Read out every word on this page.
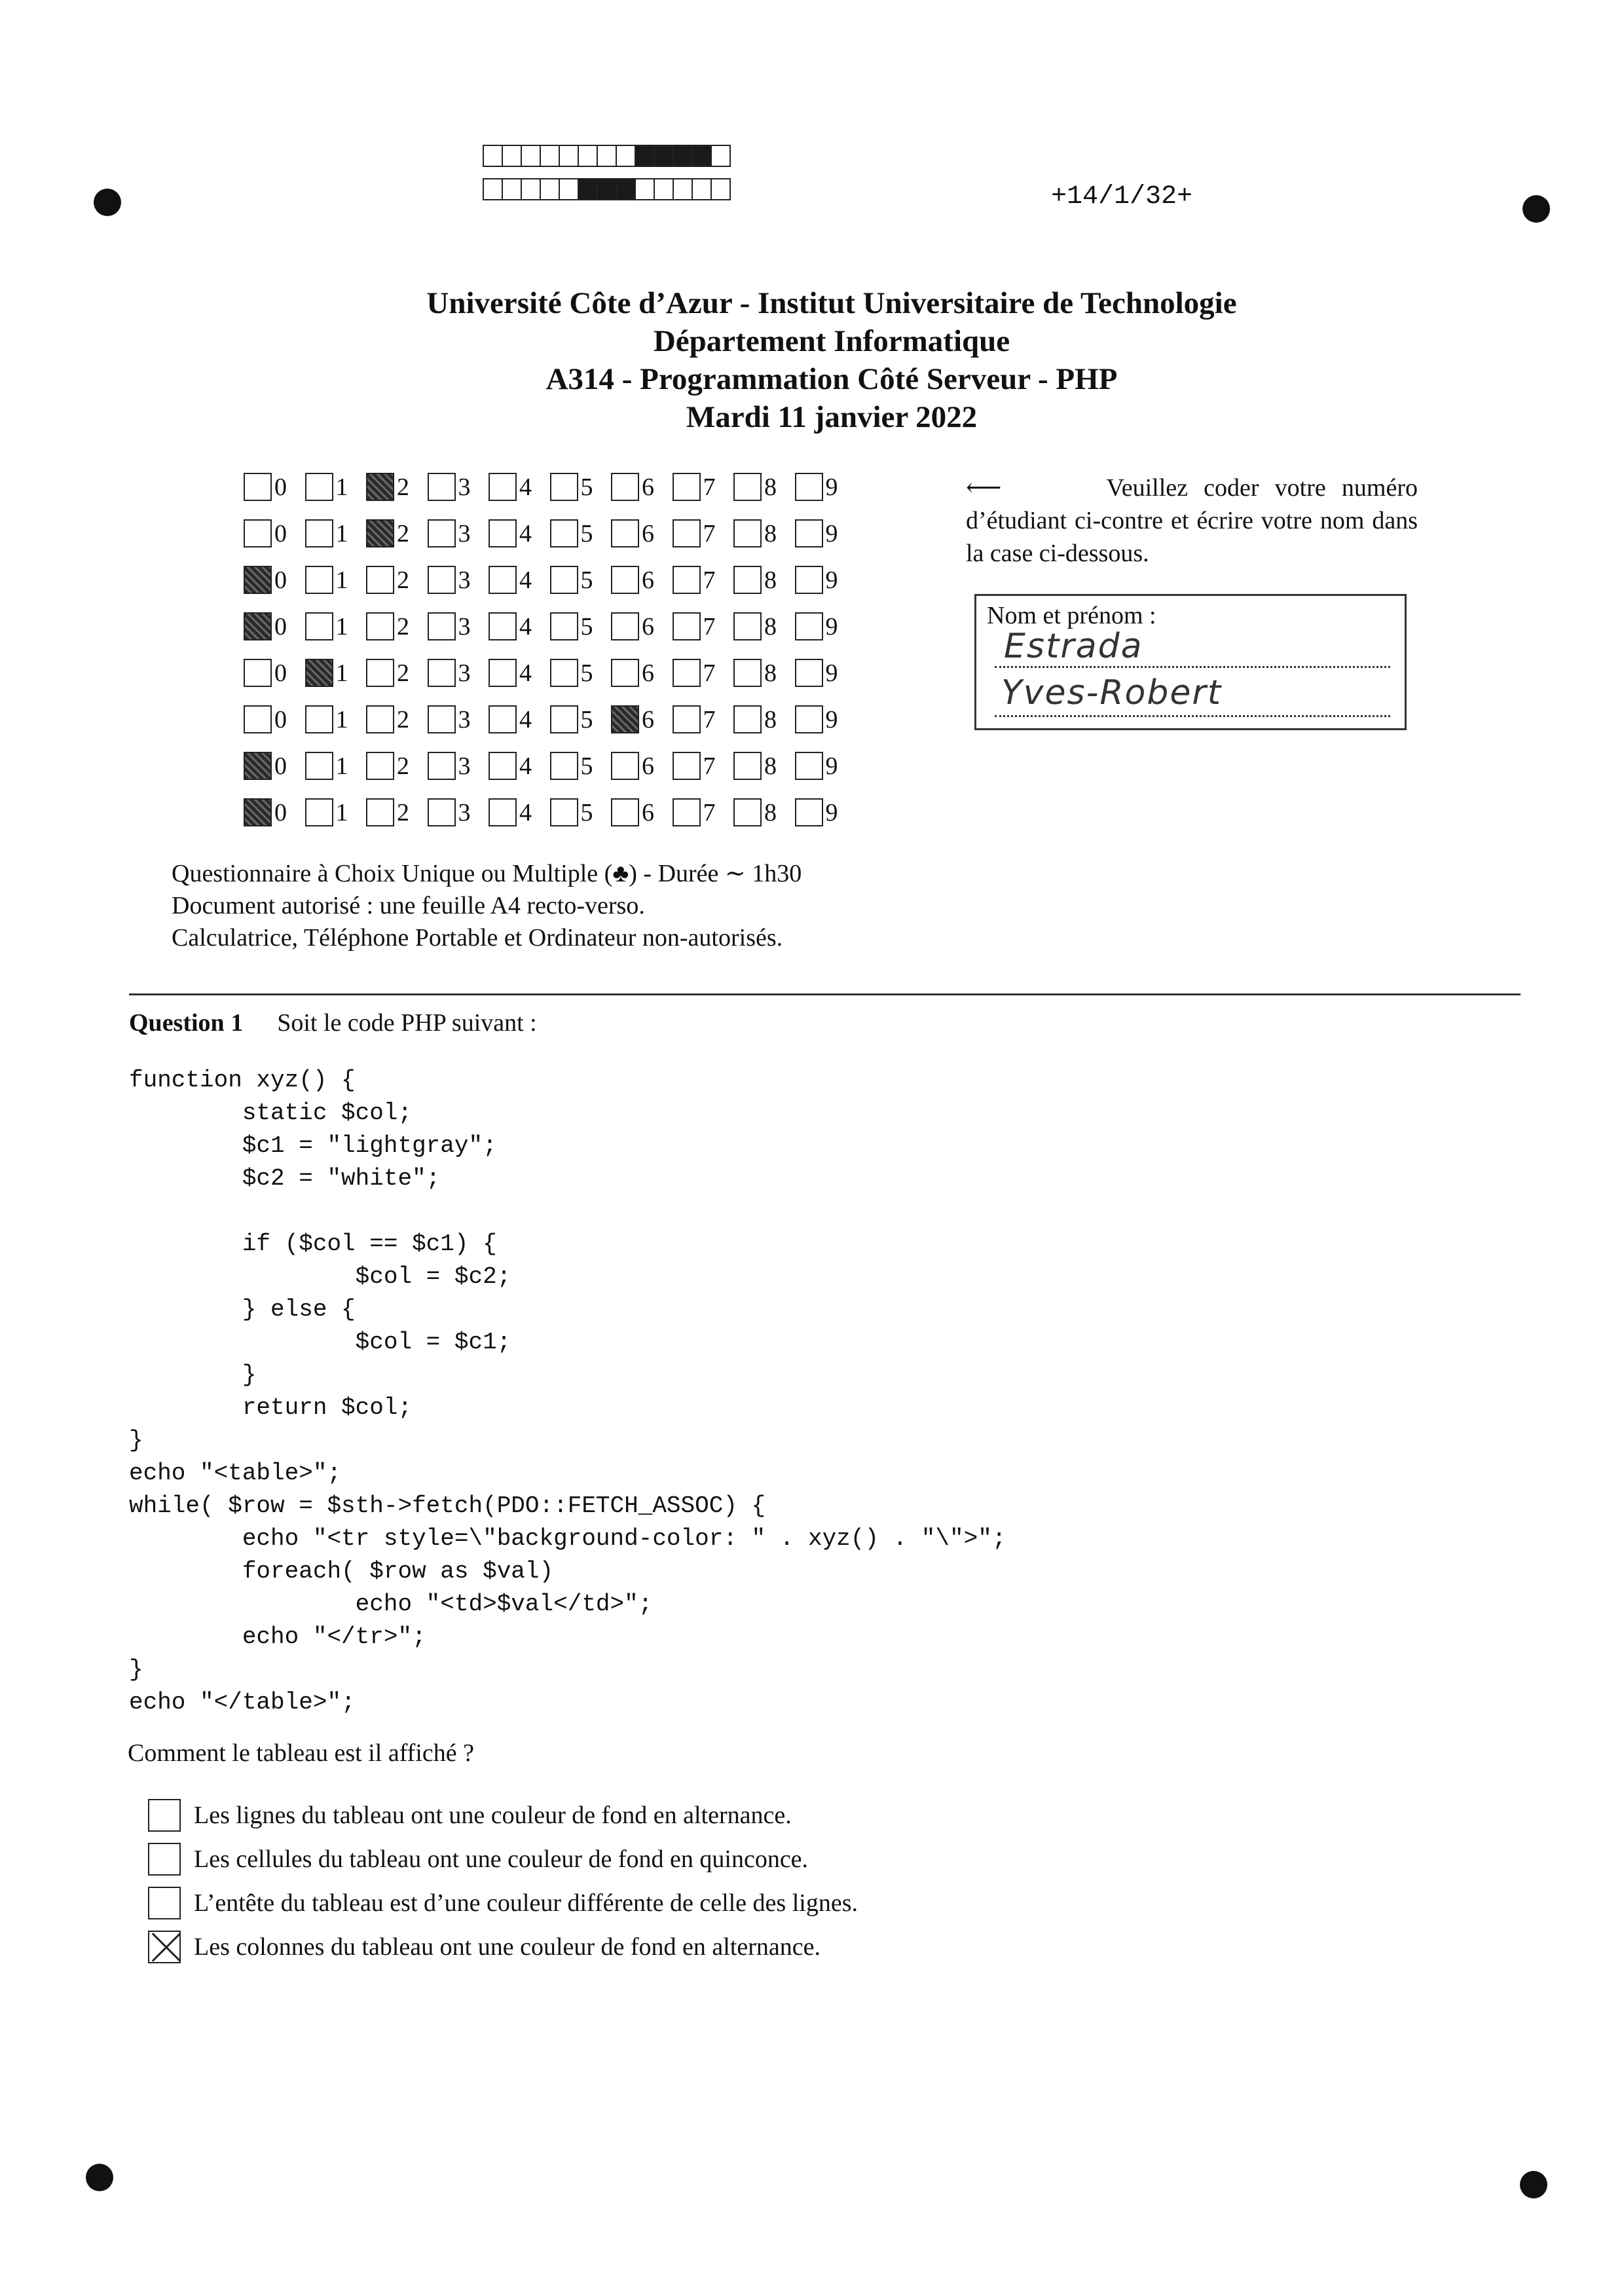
+14/1/32+
Université Côte d’Azur - Institut Universitaire de Technologie
Département Informatique
A314 - Programmation Côté Serveur - PHP
Mardi 11 janvier 2022
0 1 2 3 4 5 6 7 8 9
0 1 2 3 4 5 6 7 8 9
0 1 2 3 4 5 6 7 8 9
0 1 2 3 4 5 6 7 8 9
0 1 2 3 4 5 6 7 8 9
0 1 2 3 4 5 6 7 8 9
0 1 2 3 4 5 6 7 8 9
0 1 2 3 4 5 6 7 8 9
⟵	Veuillez coder votre numéro d’étudiant ci-contre et écrire votre nom dans la case ci-dessous.
Nom et prénom :
Estrada
Yves-Robert
Questionnaire à Choix Unique ou Multiple (♣) - Durée ∼ 1h30
Document autorisé : une feuille A4 recto-verso.
Calculatrice, Téléphone Portable et Ordinateur non-autorisés.
Question 1 Soit le code PHP suivant :
function xyz() {
static $col;
$c1 = "lightgray";
$c2 = "white";

if ($col == $c1) {
$col = $c2;
} else {
$col = $c1;
}
return $col;
}
echo "<table>";
while( $row = $sth->fetch(PDO::FETCH_ASSOC) {
echo "<tr style=\"background-color: " . xyz() . "\">";
foreach( $row as $val)
echo "<td>$val</td>";
echo "</tr>";
}
echo "</table>";
Comment le tableau est il affiché ?
Les lignes du tableau ont une couleur de fond en alternance.
Les cellules du tableau ont une couleur de fond en quinconce.
L’entête du tableau est d’une couleur différente de celle des lignes.
Les colonnes du tableau ont une couleur de fond en alternance.
